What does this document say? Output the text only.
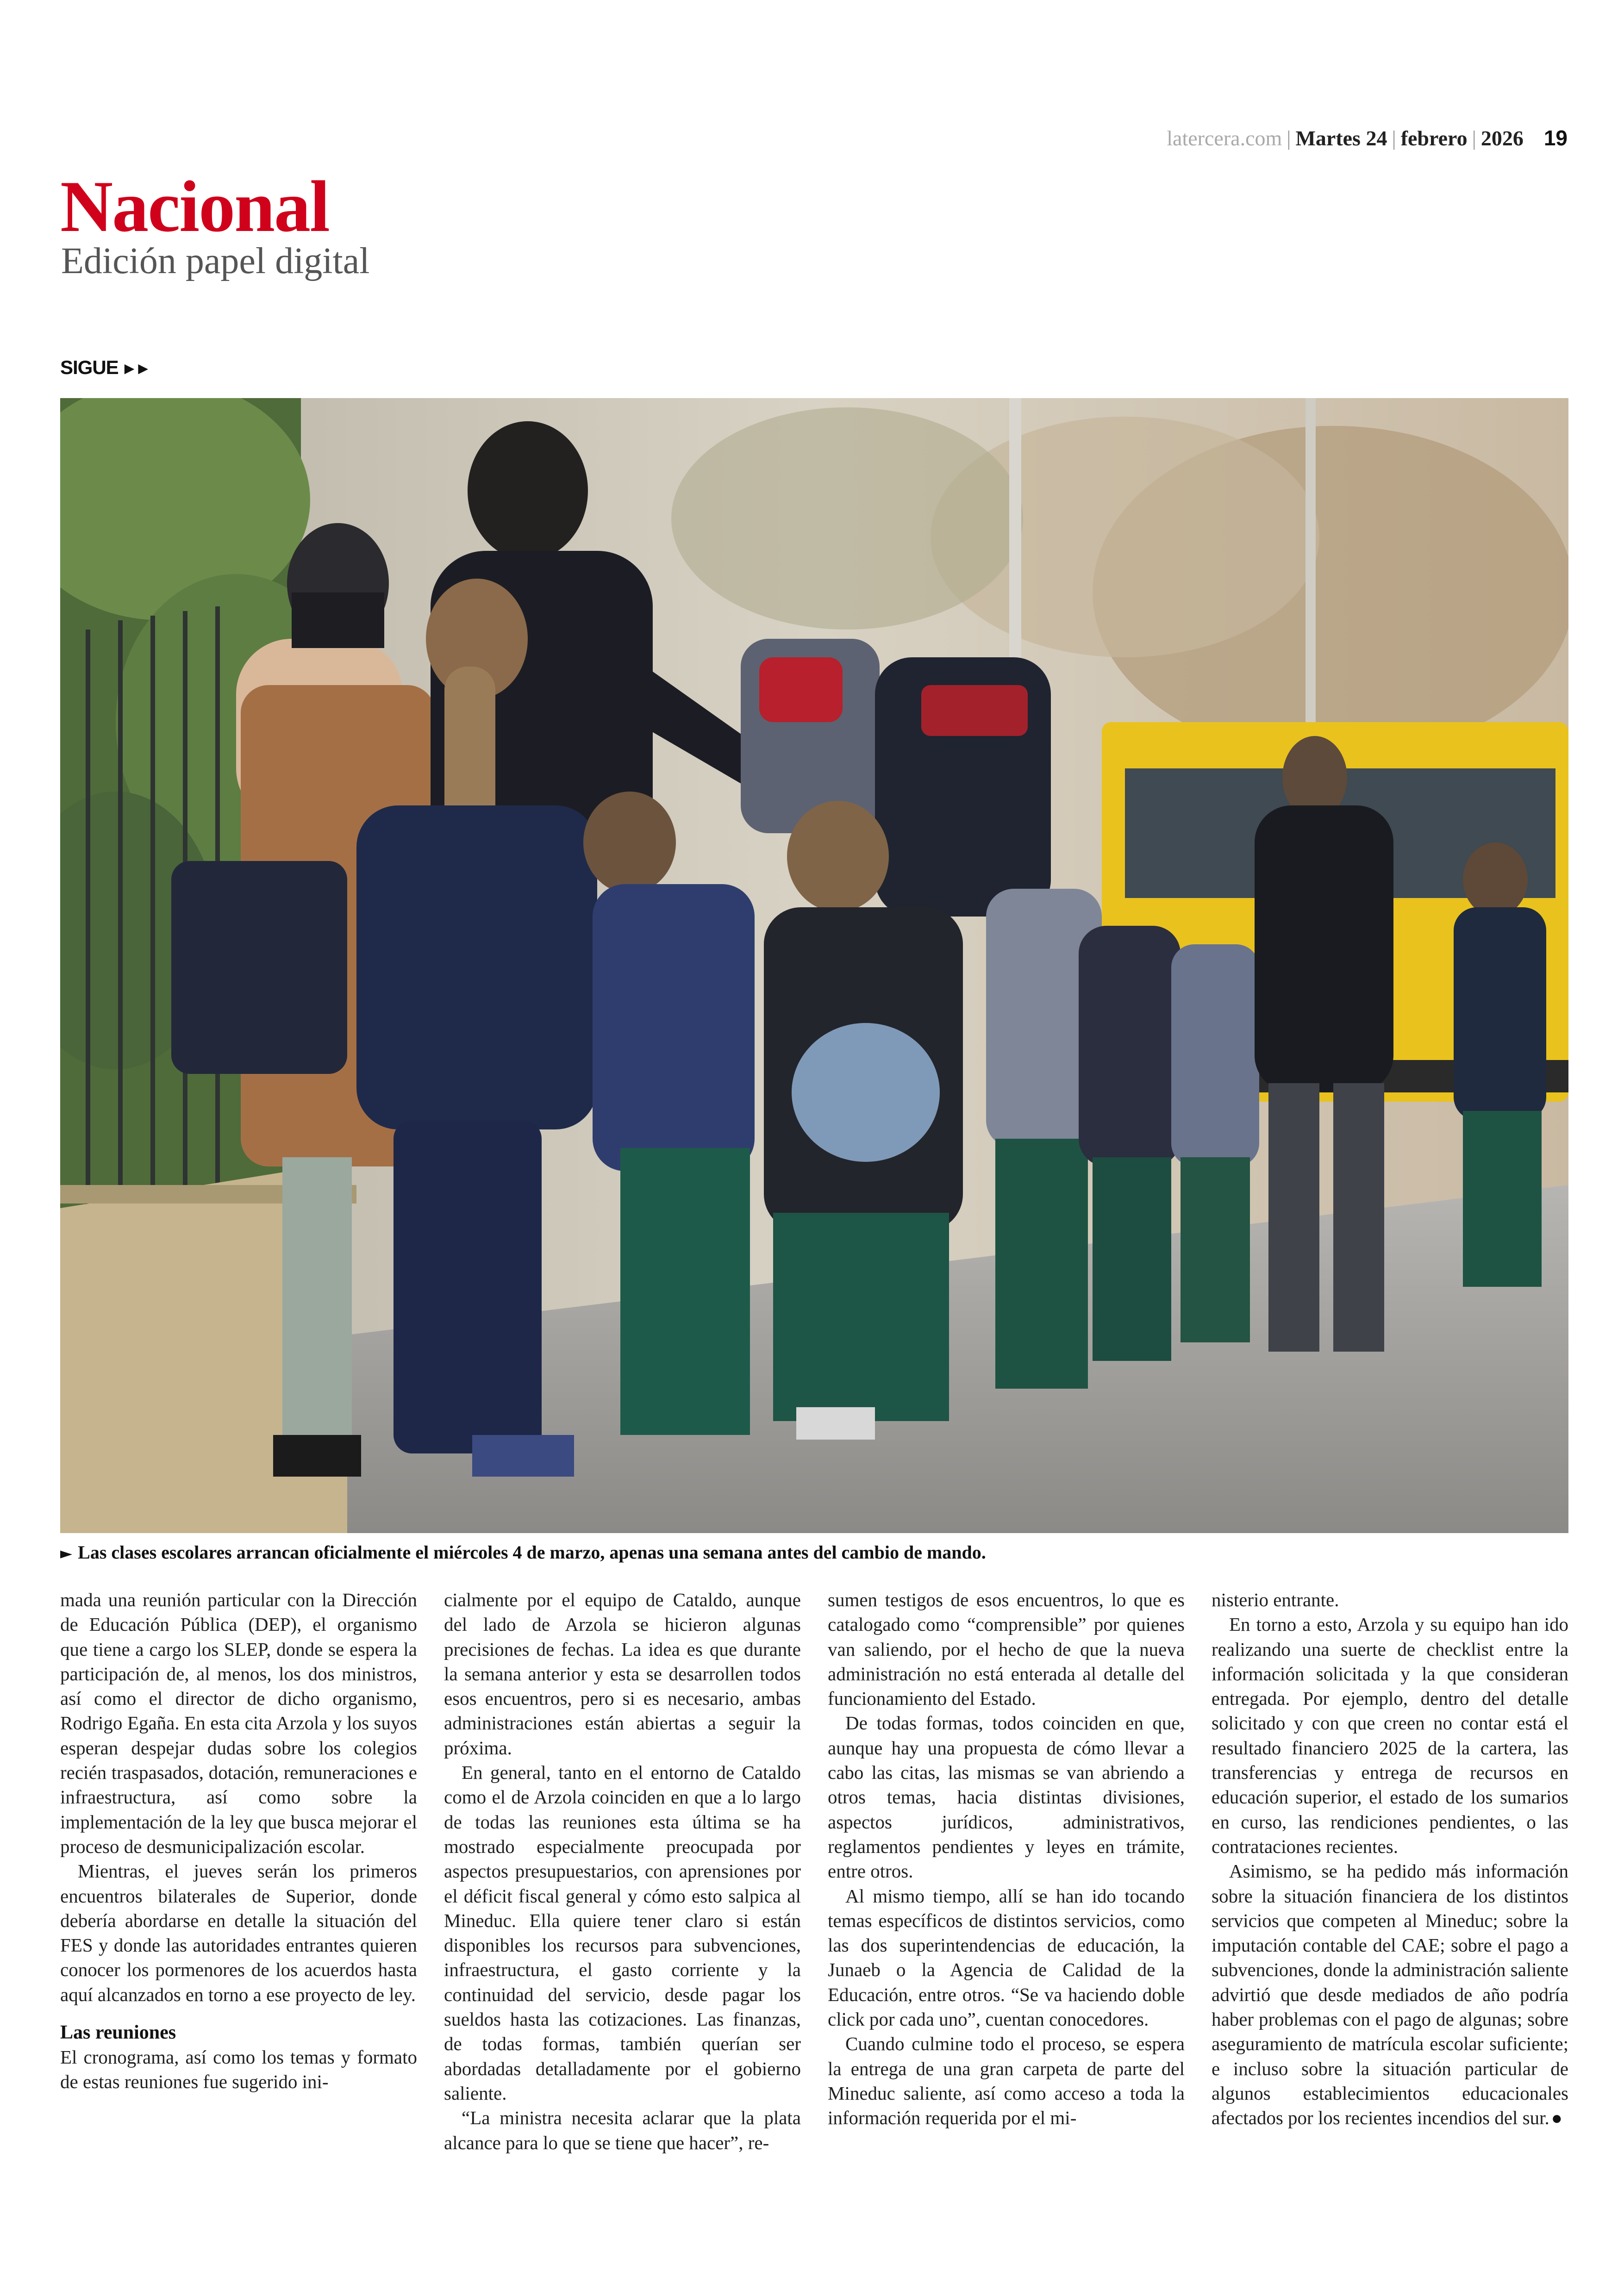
latercera.com | Martes 24 | febrero | 2026 19
Nacional
Edición papel digital
SIGUE ►►
► Las clases escolares arrancan oficialmente el miércoles 4 de marzo, apenas una semana antes del cambio de mando.

mada una reunión particular con la Dirección de Educación Pública (DEP), el organismo que tiene a cargo los SLEP, donde se espera la participación de, al menos, los dos ministros, así como el director de dicho organismo, Rodrigo Egaña. En esta cita Arzola y los suyos esperan despejar dudas sobre los colegios recién traspasados, dotación, remuneraciones e infraestructura, así como sobre la implementación de la ley que busca mejorar el proceso de desmunicipalización escolar.

Mientras, el jueves serán los primeros encuentros bilaterales de Superior, donde debería abordarse en detalle la situación del FES y donde las autoridades entrantes quieren conocer los pormenores de los acuerdos hasta aquí alcanzados en torno a ese proyecto de ley.

Las reuniones

El cronograma, así como los temas y formato de estas reuniones fue sugerido ini-

cialmente por el equipo de Cataldo, aunque del lado de Arzola se hicieron algunas precisiones de fechas. La idea es que durante la semana anterior y esta se desarrollen todos esos encuentros, pero si es necesario, ambas administraciones están abiertas a seguir la próxima.

En general, tanto en el entorno de Cataldo como el de Arzola coinciden en que a lo largo de todas las reuniones esta última se ha mostrado especialmente preocupada por aspectos presupuestarios, con aprensiones por el déficit fiscal general y cómo esto salpica al Mineduc. Ella quiere tener claro si están disponibles los recursos para subvenciones, infraestructura, el gasto corriente y la continuidad del servicio, desde pagar los sueldos hasta las cotizaciones. Las finanzas, de todas formas, también querían ser abordadas detalladamente por el gobierno saliente.

“La ministra necesita aclarar que la plata alcance para lo que se tiene que hacer”, re-

sumen testigos de esos encuentros, lo que es catalogado como “comprensible” por quienes van saliendo, por el hecho de que la nueva administración no está enterada al detalle del funcionamiento del Estado.

De todas formas, todos coinciden en que, aunque hay una propuesta de cómo llevar a cabo las citas, las mismas se van abriendo a otros temas, hacia distintas divisiones, aspectos jurídicos, administrativos, reglamentos pendientes y leyes en trámite, entre otros.

Al mismo tiempo, allí se han ido tocando temas específicos de distintos servicios, como las dos superintendencias de educación, la Junaeb o la Agencia de Calidad de la Educación, entre otros. “Se va haciendo doble click por cada uno”, cuentan conocedores.

Cuando culmine todo el proceso, se espera la entrega de una gran carpeta de parte del Mineduc saliente, así como acceso a toda la información requerida por el mi-

nisterio entrante.

En torno a esto, Arzola y su equipo han ido realizando una suerte de checklist entre la información solicitada y la que consideran entregada. Por ejemplo, dentro del detalle solicitado y con que creen no contar está el resultado financiero 2025 de la cartera, las transferencias y entrega de recursos en educación superior, el estado de los sumarios en curso, las rendiciones pendientes, o las contrataciones recientes.

Asimismo, se ha pedido más información sobre la situación financiera de los distintos servicios que competen al Mineduc; sobre la imputación contable del CAE; sobre el pago a subvenciones, donde la administración saliente advirtió que desde mediados de año podría haber problemas con el pago de algunas; sobre aseguramiento de matrícula escolar suficiente; e incluso sobre la situación particular de algunos establecimientos educacionales afectados por los recientes incendios del sur. ●
